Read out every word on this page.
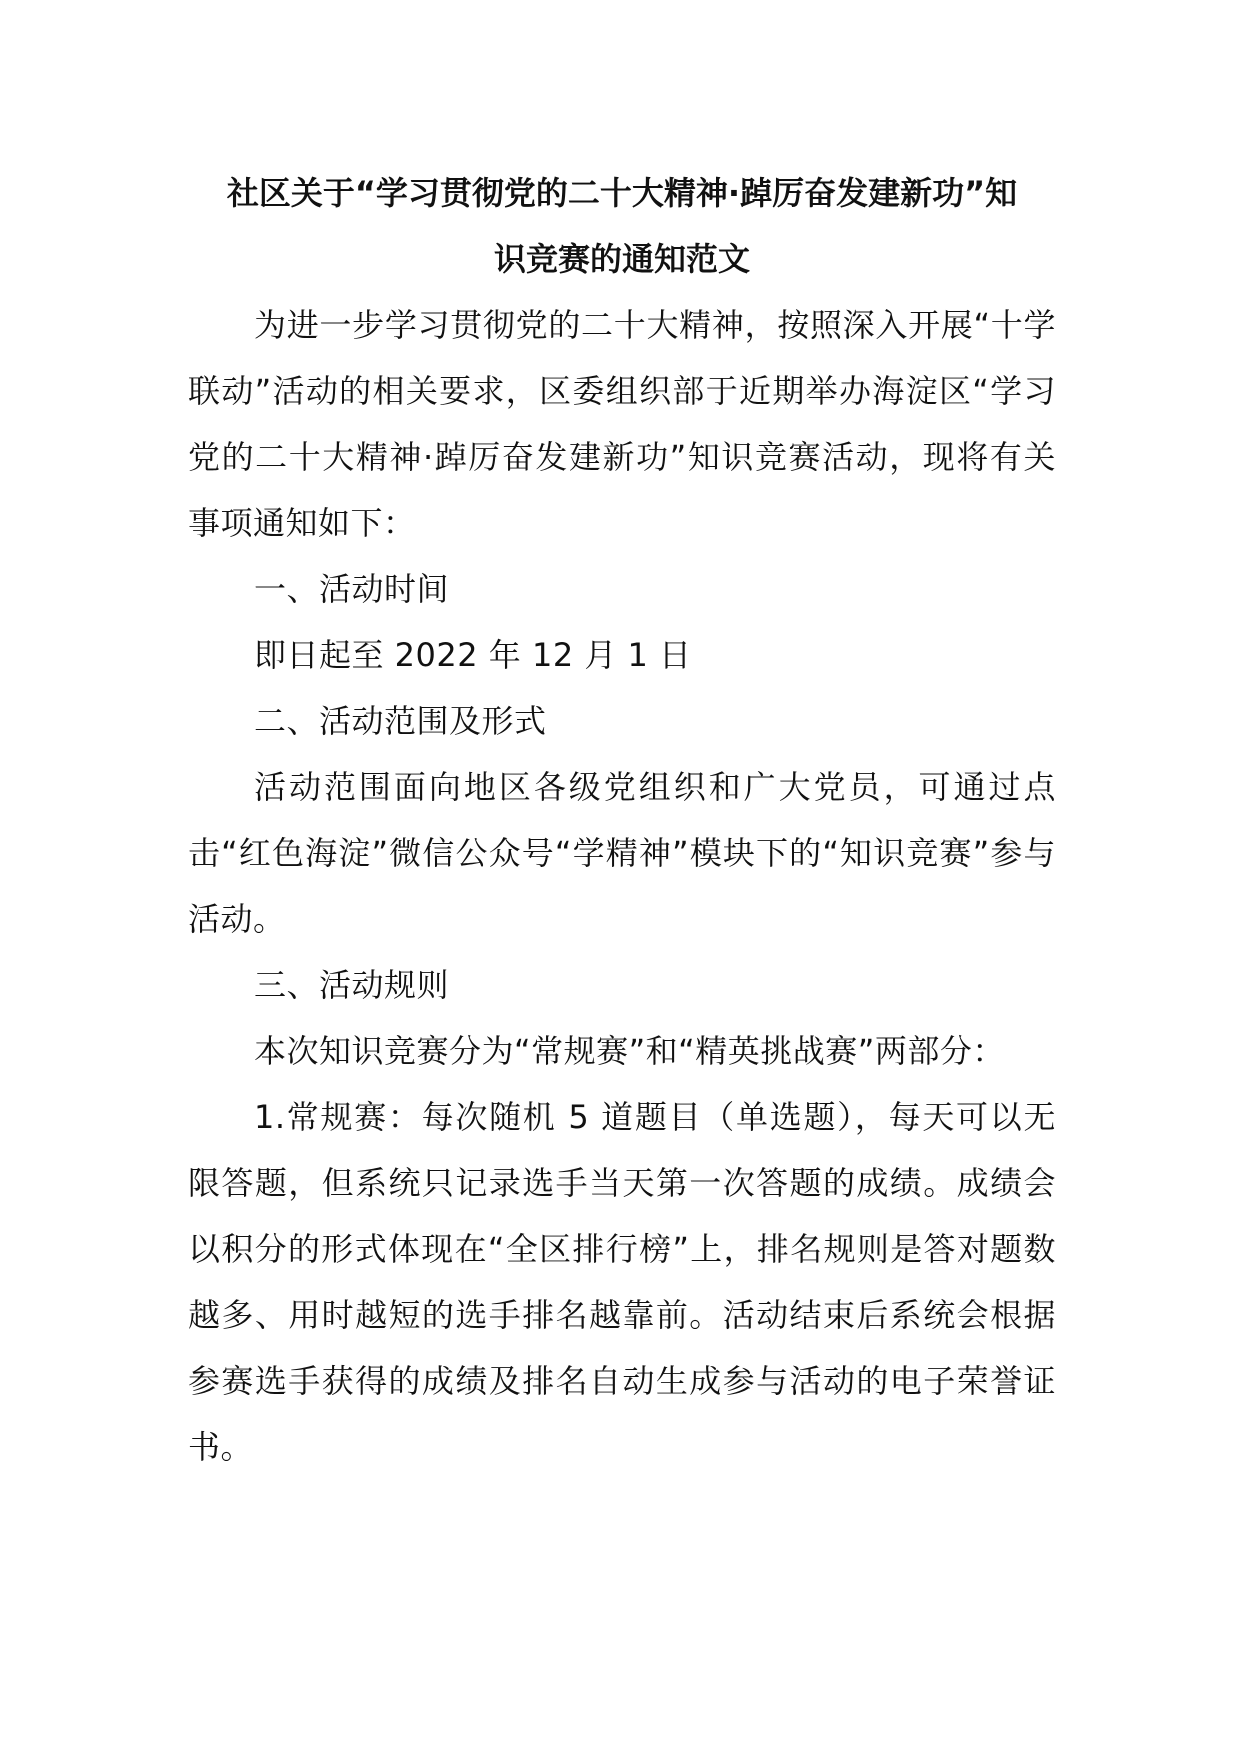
社区关于“学习贯彻党的二十大精神·踔厉奋发建新功”知
识竞赛的通知范文

为进一步学习贯彻党的二十大精神，按照深入开展“十学联动”活动的相关要求，区委组织部于近期举办海淀区“学习党的二十大精神·踔厉奋发建新功”知识竞赛活动，现将有关事项通知如下：

一、活动时间

即日起至 2022 年 12 月 1 日

二、活动范围及形式

活动范围面向地区各级党组织和广大党员，可通过点击“红色海淀”微信公众号“学精神”模块下的“知识竞赛”参与活动。

三、活动规则

本次知识竞赛分为“常规赛”和“精英挑战赛”两部分：

1.常规赛：每次随机 5 道题目（单选题），每天可以无限答题，但系统只记录选手当天第一次答题的成绩。成绩会以积分的形式体现在“全区排行榜”上，排名规则是答对题数越多、用时越短的选手排名越靠前。活动结束后系统会根据参赛选手获得的成绩及排名自动生成参与活动的电子荣誉证书。
